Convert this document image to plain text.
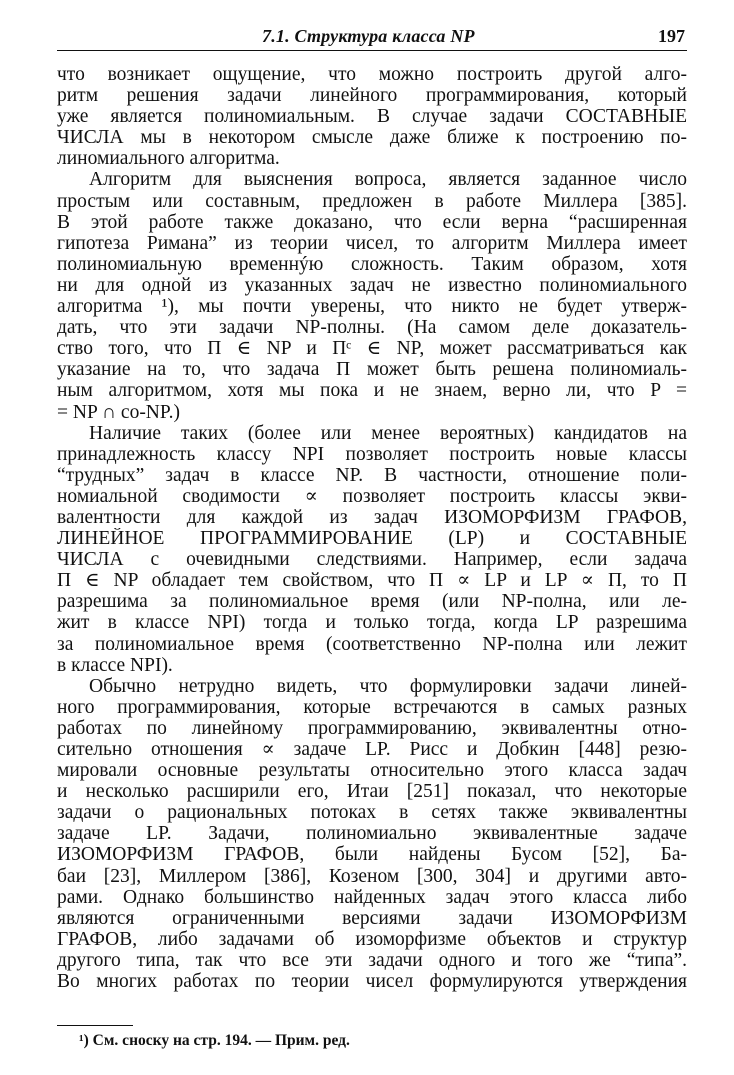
7.1. Структура класса NP	197
что возникает ощущение, что можно построить другой алго-
ритм решения задачи линейного программирования, который
уже является полиномиальным. В случае задачи СОСТАВНЫЕ
ЧИСЛА мы в некотором смысле даже ближе к построению по-
линомиального алгоритма.
Алгоритм для выяснения вопроса, является заданное число
простым или составным, предложен в работе Миллера [385].
В этой работе также доказано, что если верна “расширенная
гипотеза Римана” из теории чисел, то алгоритм Миллера имеет
полиномиальную временнýю сложность. Таким образом, хотя
ни для одной из указанных задач не известно полиномиального
алгоритма ¹), мы почти уверены, что никто не будет утверж-
дать, что эти задачи NP-полны. (На самом деле доказатель-
ство того, что Π ∈ NP и Πᶜ ∈ NP, может рассматриваться как
указание на то, что задача Π может быть решена полиномиаль-
ным алгоритмом, хотя мы пока и не знаем, верно ли, что P =
= NP ∩ co-NP.)
Наличие таких (более или менее вероятных) кандидатов на
принадлежность классу NPI позволяет построить новые классы
“трудных” задач в классе NP. В частности, отношение поли-
номиальной сводимости ∝ позволяет построить классы экви-
валентности для каждой из задач ИЗОМОРФИЗМ ГРАФОВ,
ЛИНЕЙНОЕ ПРОГРАММИРОВАНИЕ (LP) и СОСТАВНЫЕ
ЧИСЛА с очевидными следствиями. Например, если задача
Π ∈ NP обладает тем свойством, что Π ∝ LP и LP ∝ Π, то Π
разрешима за полиномиальное время (или NP-полна, или ле-
жит в классе NPI) тогда и только тогда, когда LP разрешима
за полиномиальное время (соответственно NP-полна или лежит
в классе NPI).
Обычно нетрудно видеть, что формулировки задачи линей-
ного программирования, которые встречаются в самых разных
работах по линейному программированию, эквивалентны отно-
сительно отношения ∝ задаче LP. Рисс и Добкин [448] резю-
мировали основные результаты относительно этого класса задач
и несколько расширили его, Итаи [251] показал, что некоторые
задачи о рациональных потоках в сетях также эквивалентны
задаче LP. Задачи, полиномиально эквивалентные задаче
ИЗОМОРФИЗМ ГРАФОВ, были найдены Бусом [52], Ба-
баи [23], Миллером [386], Козеном [300, 304] и другими авто-
рами. Однако большинство найденных задач этого класса либо
являются ограниченными версиями задачи ИЗОМОРФИЗМ
ГРАФОВ, либо задачами об изоморфизме объектов и структур
другого типа, так что все эти задачи одного и того же “типа”.
Во многих работах по теории чисел формулируются утверждения
¹) См. сноску на стр. 194. — Прим. ред.
